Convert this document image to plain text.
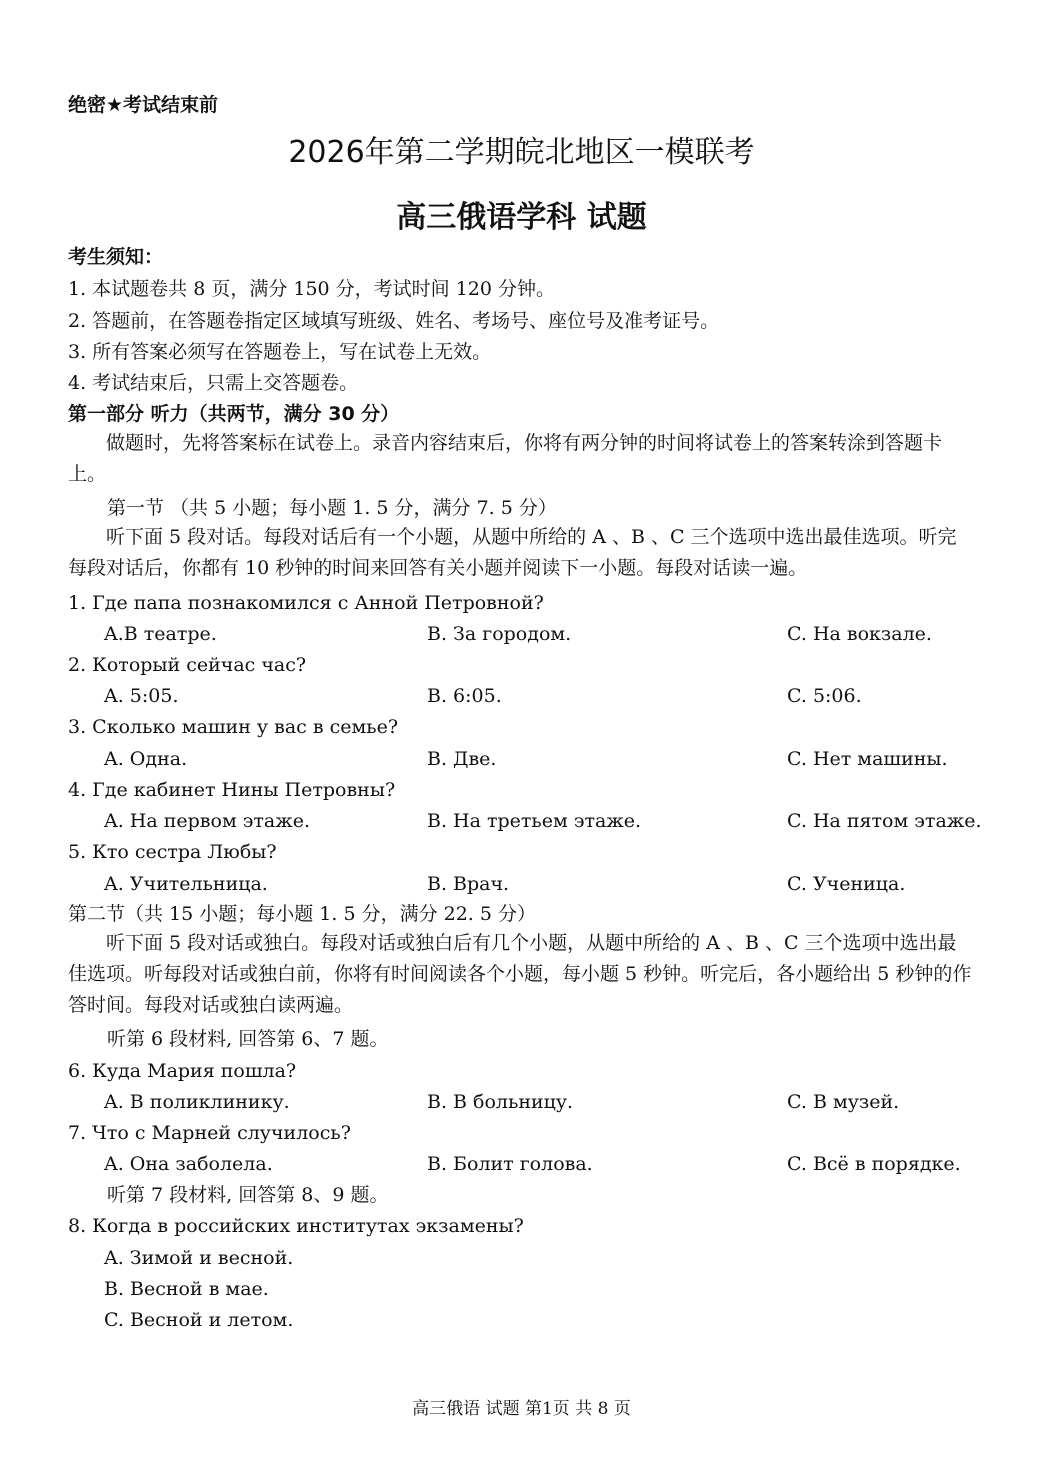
绝密★考试结束前
2026年第二学期皖北地区一模联考
高三俄语学科 试题
考生须知：
1. 本试题卷共 8 页，满分 150 分，考试时间 120 分钟。
2. 答题前，在答题卷指定区域填写班级、姓名、考场号、座位号及准考证号。
3. 所有答案必须写在答题卷上，写在试卷上无效。
4. 考试结束后，只需上交答题卷。
第一部分 听力（共两节，满分 30 分）
做题时，先将答案标在试卷上。录音内容结束后，你将有两分钟的时间将试卷上的答案转涂到答题卡上。
第一节 （共 5 小题；每小题 1. 5 分，满分 7. 5 分）
听下面 5 段对话。每段对话后有一个小题，从题中所给的 A 、B 、C 三个选项中选出最佳选项。听完每段对话后，你都有 10 秒钟的时间来回答有关小题并阅读下一小题。每段对话读一遍。
1. Где папа познакомился с Анной Петровной?
A.В театре.	B. За городом.	C. На вокзале.
2. Который сейчас час?
A. 5:05.	B. 6:05.	C. 5:06.
3. Сколько машин у вас в семье?
A. Одна.	B. Две.	C. Нет машины.
4. Где кабинет Нины Петровны?
A. На первом этаже.	B. На третьем этаже.	C. На пятом этаже.
5. Кто сестра Любы?
A. Учительница.	B. Врач.	C. Ученица.
第二节（共 15 小题；每小题 1. 5 分，满分 22. 5 分）
听下面 5 段对话或独白。每段对话或独白后有几个小题，从题中所给的 A 、B 、C 三个选项中选出最佳选项。听每段对话或独白前，你将有时间阅读各个小题，每小题 5 秒钟。听完后，各小题给出 5 秒钟的作答时间。每段对话或独白读两遍。
听第 6 段材料, 回答第 6、7 题。
6. Куда Мария пошла?
A. В поликлинику.	B. В больницу.	C. В музей.
7. Что с Марней случилось?
A. Она заболела.	B. Болит голова.	C. Всё в порядке.
听第 7 段材料, 回答第 8、9 题。
8. Когда в российских институтах экзамены?
A. Зимой и весной.
B. Весной в мае.
C. Весной и летом.
高三俄语 试题 第1页 共 8 页
